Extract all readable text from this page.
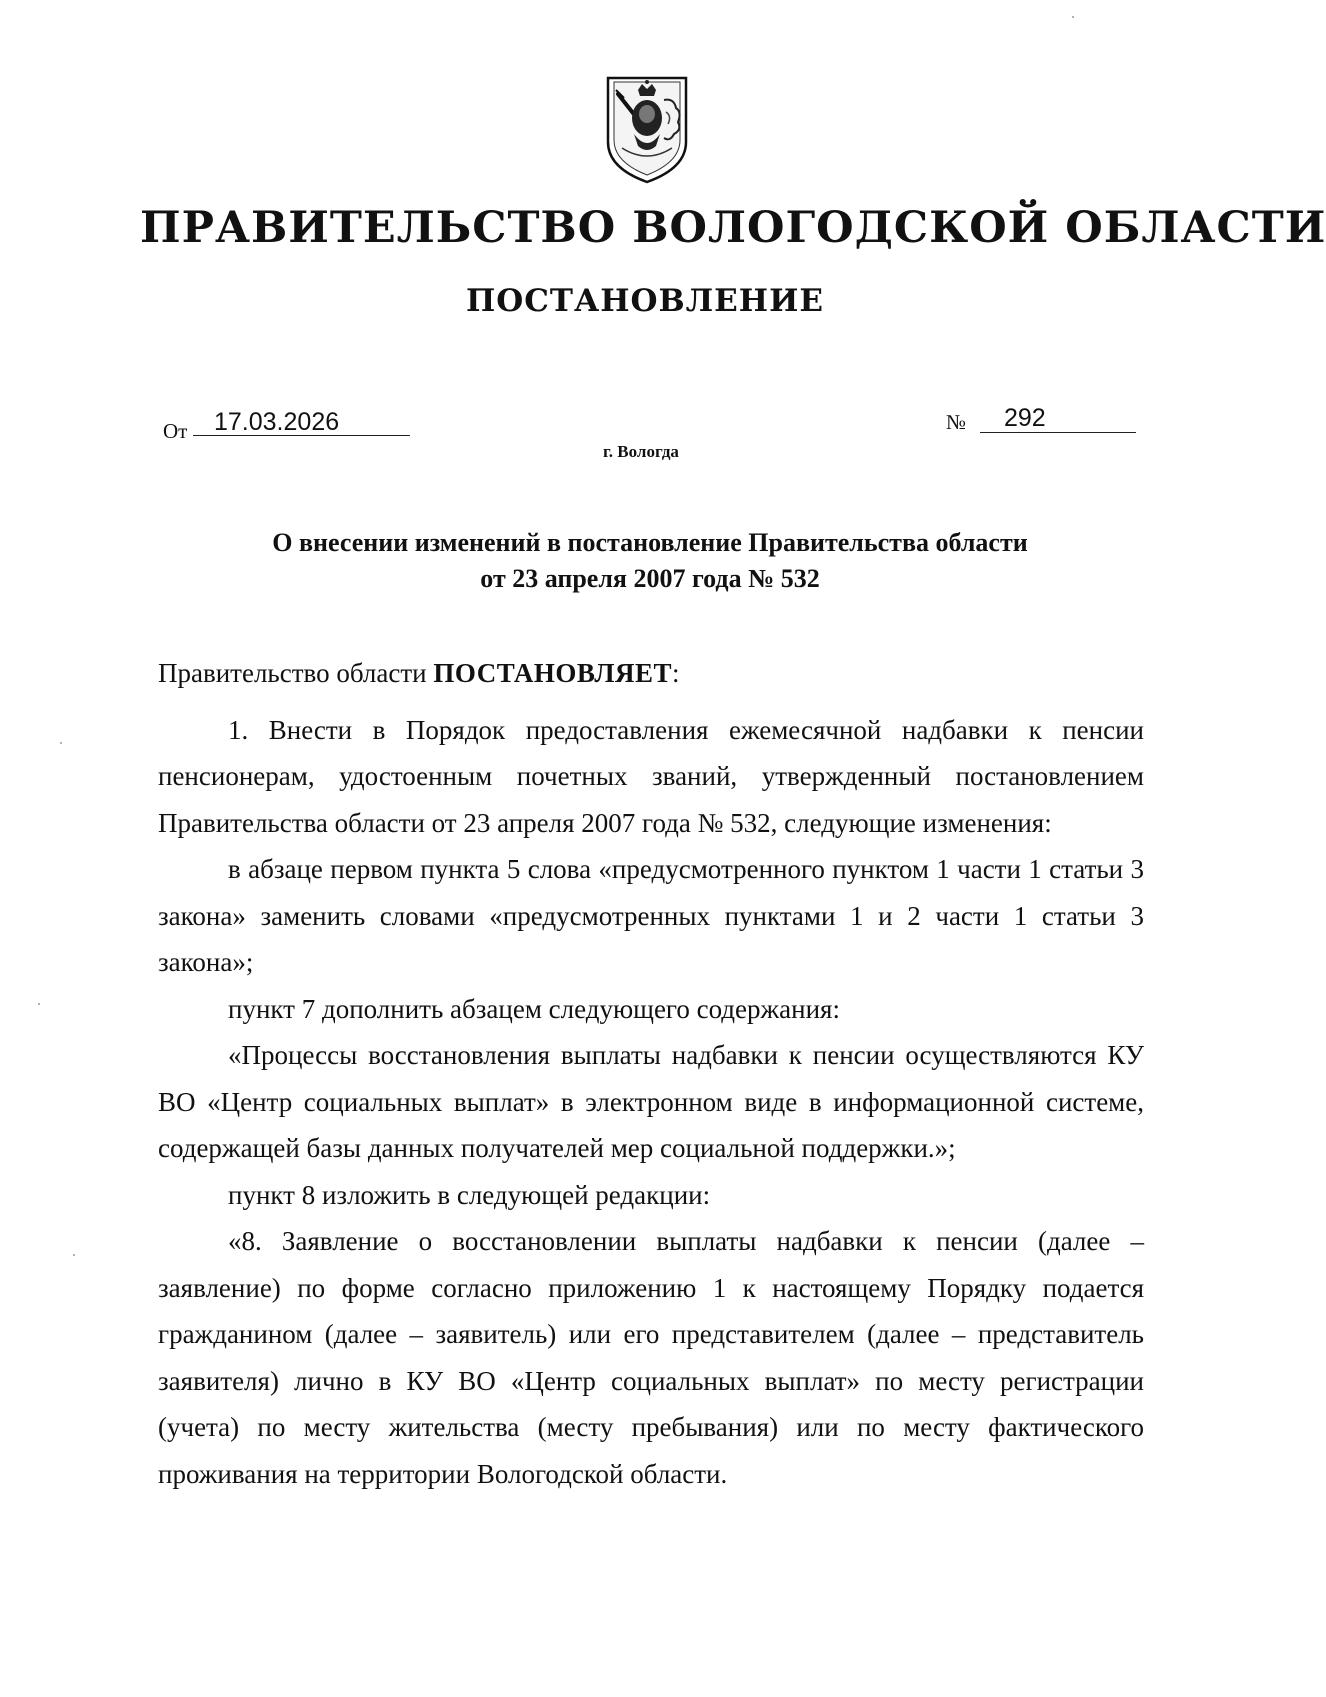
ПРАВИТЕЛЬСТВО ВОЛОГОДСКОЙ ОБЛАСТИ
ПОСТАНОВЛЕНИЕ
От 17.03.2026	№ 292
г. Вологда
О внесении изменений в постановление Правительства области
от 23 апреля 2007 года № 532

Правительство области ПОСТАНОВЛЯЕТ:

1. Внести в Порядок предоставления ежемесячной надбавки к пенсии пенсионерам, удостоенным почетных званий, утвержденный постановлением Правительства области от 23 апреля 2007 года № 532, следующие изменения:

в абзаце первом пункта 5 слова «предусмотренного пунктом 1 части 1 статьи 3 закона» заменить словами «предусмотренных пунктами 1 и 2 части 1 статьи 3 закона»;

пункт 7 дополнить абзацем следующего содержания:

«Процессы восстановления выплаты надбавки к пенсии осуществляются КУ ВО «Центр социальных выплат» в электронном виде в информационной системе, содержащей базы данных получателей мер социальной поддержки.»;

пункт 8 изложить в следующей редакции:

«8. Заявление о восстановлении выплаты надбавки к пенсии (далее – заявление) по форме согласно приложению 1 к настоящему Порядку подается гражданином (далее – заявитель) или его представителем (далее – представитель заявителя) лично в КУ ВО «Центр социальных выплат» по месту регистрации (учета) по месту жительства (месту пребывания) или по месту фактического проживания на территории Вологодской области.
